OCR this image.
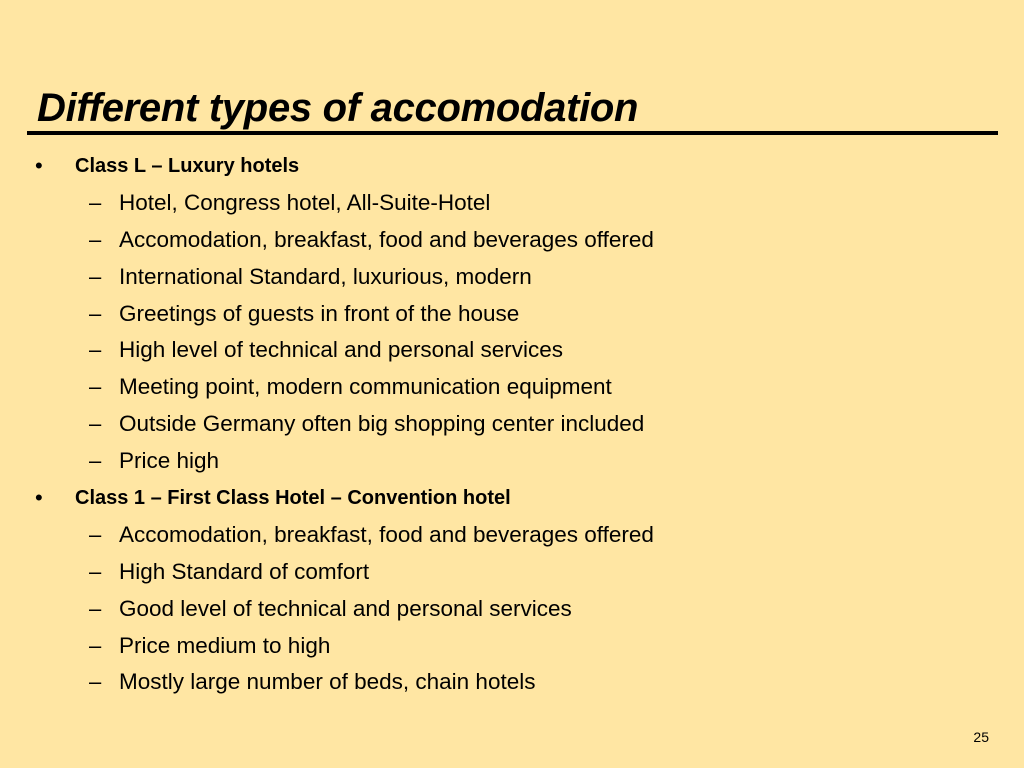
Different types of accomodation
• Class L – Luxury hotels
– Hotel, Congress hotel, All-Suite-Hotel
– Accomodation, breakfast, food and beverages offered
– International Standard, luxurious, modern
– Greetings of guests in front of the house
– High level of technical and personal services
– Meeting point, modern communication equipment
– Outside Germany often big shopping center included
– Price high
• Class 1 – First Class Hotel – Convention hotel
– Accomodation, breakfast, food and beverages offered
– High Standard of comfort
– Good level of technical and personal services
– Price medium to high
– Mostly large number of beds, chain hotels
25
